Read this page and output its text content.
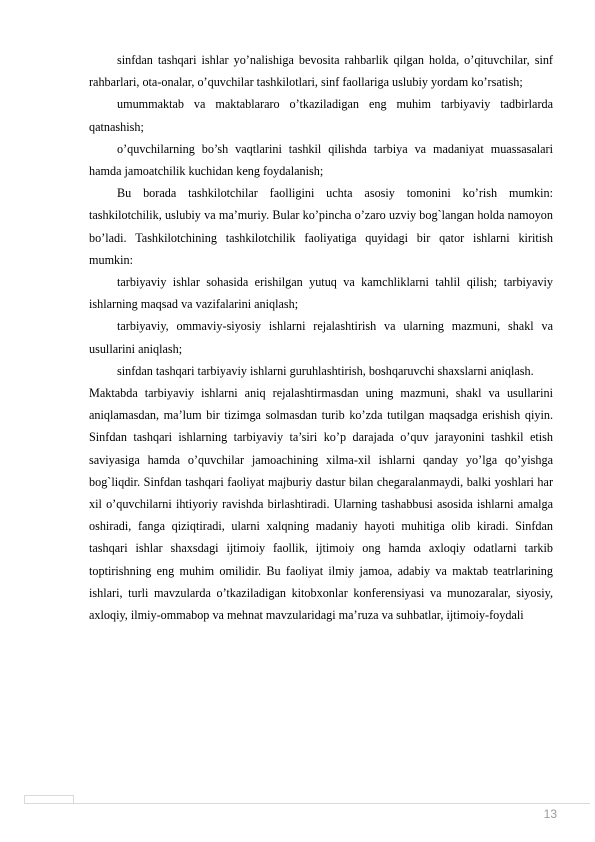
sinfdan tashqari ishlar yo’nalishiga bevosita rahbarlik qilgan holda, o’qituvchilar, sinf rahbarlari, ota-onalar, o’quvchilar tashkilotlari, sinf faollariga uslubiy yordam ko’rsatish;

umummaktab va maktablararo o’tkaziladigan eng muhim tarbiyaviy tadbirlarda qatnashish;

o’quvchilarning bo’sh vaqtlarini tashkil qilishda tarbiya va madaniyat muassasalari hamda jamoatchilik kuchidan keng foydalanish;

Bu borada tashkilotchilar faolligini uchta asosiy tomonini ko’rish mumkin: tashkilotchilik, uslubiy va ma’muriy. Bular ko’pincha o’zaro uzviy bog`langan holda namoyon bo’ladi. Tashkilotchining tashkilotchilik faoliyatiga quyidagi bir qator ishlarni kiritish mumkin:

tarbiyaviy ishlar sohasida erishilgan yutuq va kamchliklarni tahlil qilish; tarbiyaviy ishlarning maqsad va vazifalarini aniqlash;

tarbiyaviy, ommaviy-siyosiy ishlarni rejalashtirish va ularning mazmuni, shakl va usullarini aniqlash;

sinfdan tashqari tarbiyaviy ishlarni guruhlashtirish, boshqaruvchi shaxslarni aniqlash.

Maktabda tarbiyaviy ishlarni aniq rejalashtirmasdan uning mazmuni, shakl va usullarini aniqlamasdan, ma’lum bir tizimga solmasdan turib ko’zda tutilgan maqsadga erishish qiyin. Sinfdan tashqari ishlarning tarbiyaviy ta’siri ko’p darajada o’quv jarayonini tashkil etish saviyasiga hamda o’quvchilar jamoachining xilma-xil ishlarni qanday yo’lga qo’yishga bog`liqdir. Sinfdan tashqari faoliyat majburiy dastur bilan chegaralanmaydi, balki yoshlari har xil o’quvchilarni ihtiyoriy ravishda birlashtiradi. Ularning tashabbusi asosida ishlarni amalga oshiradi, fanga qiziqtiradi, ularni xalqning madaniy hayoti muhitiga olib kiradi. Sinfdan tashqari ishlar shaxsdagi ijtimoiy faollik, ijtimoiy ong hamda axloqiy odatlarni tarkib toptirishning eng muhim omilidir. Bu faoliyat ilmiy jamoa, adabiy va maktab teatrlarining ishlari, turli mavzularda o’tkaziladigan kitobxonlar konferensiyasi va munozaralar, siyosiy, axloqiy, ilmiy-ommabop va mehnat mavzularidagi ma’ruza va suhbatlar, ijtimoiy-foydali

13
